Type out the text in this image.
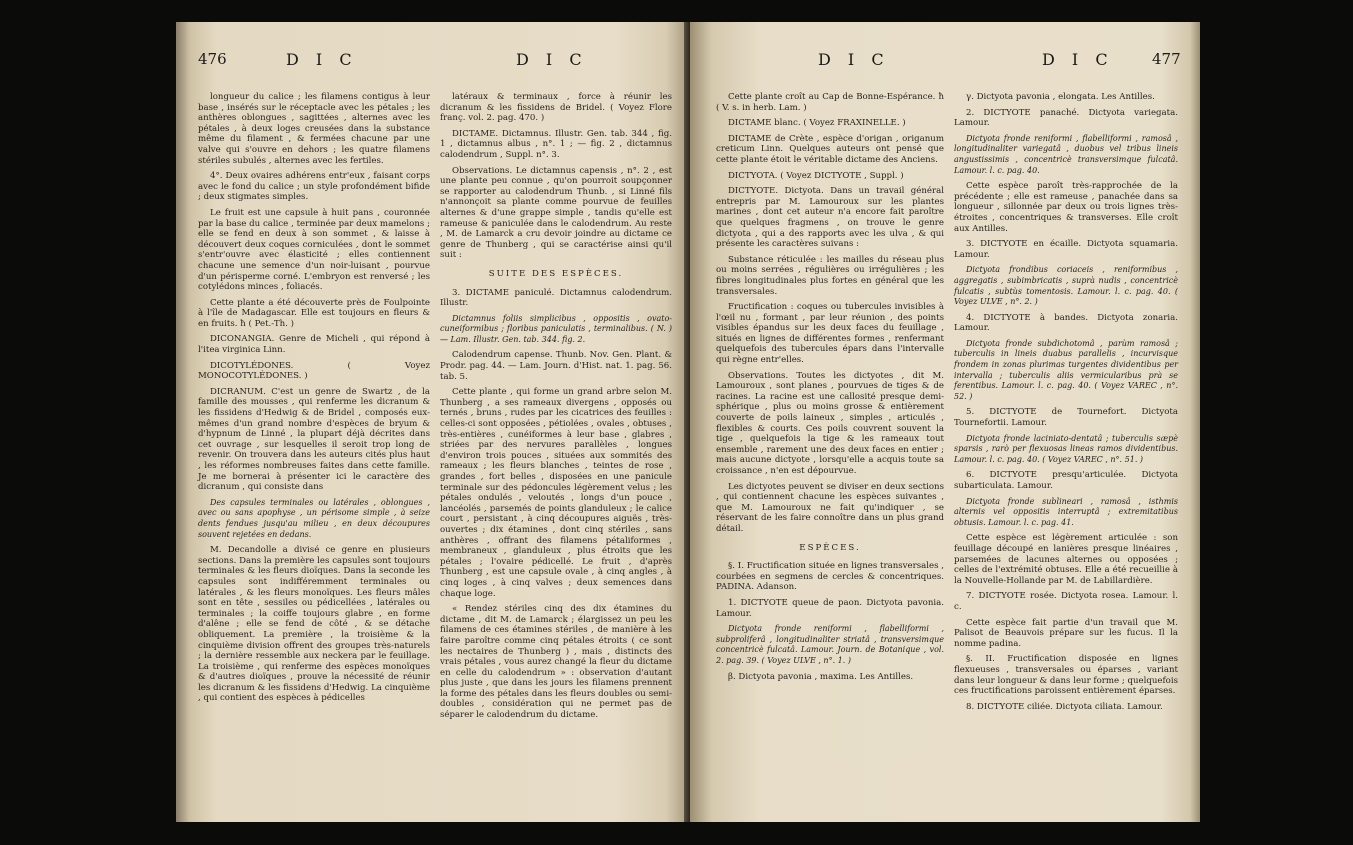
476	D I C	D I C

longueur du calice ; les filamens contigus à leur base , insérés sur le réceptacle avec les pétales ; les anthères oblongues , sagittées , alternes avec les pétales , à deux loges creusées dans la substance même du filament , & fermées chacune par une valve qui s'ouvre en dehors ; les quatre filamens stériles subulés , alternes avec les fertiles.

4°. Deux ovaires adhérens entr'eux , faisant corps avec le fond du calice ; un style profondément bifide ; deux stigmates simples.

Le fruit est une capsule à huit pans , couronnée par la base du calice , terminée par deux mamelons ; elle se fend en deux à son sommet , & laisse à découvert deux coques corniculées , dont le sommet s'entr'ouvre avec élasticité ; elles contiennent chacune une semence d'un noir-luisant , pourvue d'un périsperme corné. L'embryon est renversé ; les cotylédons minces , foliacés.

Cette plante a été découverte près de Foulpointe à l'île de Madagascar. Elle est toujours en fleurs & en fruits. ħ ( Pet.-Th. )

DICONANGIA. Genre de Micheli , qui répond à l'itea virginica Linn.

DICOTYLÉDONES. ( Voyez MONOCOTYLÉDONES. )

DICRANUM. C'est un genre de Swartz , de la famille des mousses , qui renferme les dicranum & les fissidens d'Hedwig & de Bridel , composés eux-mêmes d'un grand nombre d'espèces de bryum & d'hypnum de Linné , la plupart déjà décrites dans cet ouvrage , sur lesquelles il seroit trop long de revenir. On trouvera dans les auteurs cités plus haut , les réformes nombreuses faites dans cette famille. Je me bornerai à présenter ici le caractère des dicranum , qui consiste dans

Des capsules terminales ou latérales , oblongues , avec ou sans apophyse , un périsome simple , à seize dents fendues jusqu'au milieu , en deux découpures souvent rejetées en dedans.

M. Decandolle a divisé ce genre en plusieurs sections. Dans la première les capsules sont toujours terminales & les fleurs dioïques. Dans la seconde les capsules sont indifféremment terminales ou latérales , & les fleurs monoïques. Les fleurs mâles sont en tête , sessiles ou pédicellées , latérales ou terminales ; la coiffe toujours glabre , en forme d'alêne ; elle se fend de côté , & se détache obliquement. La première , la troisième & la cinquième division offrent des groupes très-naturels ; la dernière ressemble aux neckera par le feuillage. La troisième , qui renferme des espèces monoïques & d'autres dioïques , prouve la nécessité de réunir les dicranum & les fissidens d'Hedwig. La cinquième , qui contient des espèces à pédicelles

latéraux & terminaux , force à réunir les dicranum & les fissidens de Bridel. ( Voyez Flore franç. vol. 2. pag. 470. )

DICTAME. Dictamnus. Illustr. Gen. tab. 344 , fig. 1 , dictamnus albus , n°. 1 ; — fig. 2 , dictamnus calodendrum , Suppl. n°. 3.

Observations. Le dictamnus capensis , n°. 2 , est une plante peu connue , qu'on pourroit soupçonner se rapporter au calodendrum Thunb. , si Linné fils n'annonçoit sa plante comme pourvue de feuilles alternes & d'une grappe simple , tandis qu'elle est rameuse & paniculée dans le calodendrum. Au reste , M. de Lamarck a cru devoir joindre au dictame ce genre de Thunberg , qui se caractérise ainsi qu'il suit :

SUITE DES ESPÈCES.

3. DICTAME paniculé. Dictamnus calodendrum. Illustr.

Dictamnus foliis simplicibus , oppositis , ovato-cuneiformibus ; floribus paniculatis , terminalibus. ( N. ) — Lam. Illustr. Gen. tab. 344. fig. 2.

Calodendrum capense. Thunb. Nov. Gen. Plant. & Prodr. pag. 44. — Lam. Journ. d'Hist. nat. 1. pag. 56. tab. 5.

Cette plante , qui forme un grand arbre selon M. Thunberg , a ses rameaux divergens , opposés ou ternés , bruns , rudes par les cicatrices des feuilles : celles-ci sont opposées , pétiolées , ovales , obtuses , très-entières , cunéiformes à leur base , glabres , striées par des nervures parallèles , longues d'environ trois pouces , situées aux sommités des rameaux ; les fleurs blanches , teintes de rose , grandes , fort belles , disposées en une panicule terminale sur des pédoncules légèrement velus ; les pétales ondulés , veloutés , longs d'un pouce , lancéolés , parsemés de points glanduleux ; le calice court , persistant , à cinq découpures aiguës , très-ouvertes ; dix étamines , dont cinq stériles , sans anthères , offrant des filamens pétaliformes , membraneux , glanduleux , plus étroits que les pétales ; l'ovaire pédicellé. Le fruit , d'après Thunberg , est une capsule ovale , à cinq angles , à cinq loges , à cinq valves ; deux semences dans chaque loge.

« Rendez stériles cinq des dix étamines du dictame , dit M. de Lamarck ; élargissez un peu les filamens de ces étamines stériles , de manière à les faire paroître comme cinq pétales étroits ( ce sont les nectaires de Thunberg ) , mais , distincts des vrais pétales , vous aurez changé la fleur du dictame en celle du calodendrum » : observation d'autant plus juste , que dans les jours les filamens prennent la forme des pétales dans les fleurs doubles ou semi-doubles , considération qui ne permet pas de séparer le calodendrum du dictame.

D I C	D I C	477

Cette plante croît au Cap de Bonne-Espérance. ħ ( V. s. in herb. Lam. )

DICTAME blanc. ( Voyez FRAXINELLE. )

DICTAME de Crète , espèce d'origan , origanum creticum Linn. Quelques auteurs ont pensé que cette plante étoit le véritable dictame des Anciens.

DICTYOTA. ( Voyez DICTYOTE , Suppl. )

DICTYOTE. Dictyota. Dans un travail général entrepris par M. Lamouroux sur les plantes marines , dont cet auteur n'a encore fait paroître que quelques fragmens , on trouve le genre dictyota , qui a des rapports avec les ulva , & qui présente les caractères suivans :

Substance réticulée : les mailles du réseau plus ou moins serrées , régulières ou irrégulières ; les fibres longitudinales plus fortes en général que les transversales.

Fructification : coques ou tubercules invisibles à l'œil nu , formant , par leur réunion , des points visibles épandus sur les deux faces du feuillage , situés en lignes de différentes formes , renfermant quelquefois des tubercules épars dans l'intervalle qui règne entr'elles.

Observations. Toutes les dictyotes , dit M. Lamouroux , sont planes , pourvues de tiges & de racines. La racine est une callosité presque demi-sphérique , plus ou moins grosse & entièrement couverte de poils laineux , simples , articulés , flexibles & courts. Ces poils couvrent souvent la tige , quelquefois la tige & les rameaux tout ensemble , rarement une des deux faces en entier ; mais aucune dictyote , lorsqu'elle a acquis toute sa croissance , n'en est dépourvue.

Les dictyotes peuvent se diviser en deux sections , qui contiennent chacune les espèces suivantes , que M. Lamouroux ne fait qu'indiquer , se réservant de les faire connoître dans un plus grand détail.

ESPÈCES.

§. I. Fructification située en lignes transversales , courbées en segmens de cercles & concentriques. PADINA. Adanson.

1. DICTYOTE queue de paon. Dictyota pavonia. Lamour.

Dictyota fronde reniformi , flabelliformi , subproliferâ , longitudinaliter striatâ , transversimque concentricè fulcatâ. Lamour. Journ. de Botanique , vol. 2. pag. 39. ( Voyez ULVE , n°. 1. )

β. Dictyota pavonia , maxima. Les Antilles.

γ. Dictyota pavonia , elongata. Les Antilles.

2. DICTYOTE panaché. Dictyota variegata. Lamour.

Dictyota fronde reniformi , flabelliformi , ramosâ , longitudinaliter variegatâ , duobus vel tribus lineis angustissimis , concentricè transversimque fulcatâ. Lamour. l. c. pag. 40.

Cette espèce paroît très-rapprochée de la précédente ; elle est rameuse , panachée dans sa longueur , sillonnée par deux ou trois lignes très-étroites , concentriques & transverses. Elle croît aux Antilles.

3. DICTYOTE en écaille. Dictyota squamaria. Lamour.

Dictyota frondibus coriaceis , reniformibus , aggregatis , subimbricatis , suprà nudis , concentricè fulcatis , subtùs tomentosis. Lamour. l. c. pag. 40. ( Voyez ULVE , n°. 2. )

4. DICTYOTE à bandes. Dictyota zonaria. Lamour.

Dictyota fronde subdichotomâ , parùm ramosâ ; tuberculis in lineis duabus parallelis , incurvisque frondem in zonas plurimas turgentes dividentibus per intervalla ; tuberculis aliis vermicularibus prà se ferentibus. Lamour. l. c. pag. 40. ( Voyez VAREC , n°. 52. )

5. DICTYOTE de Tournefort. Dictyota Tournefortii. Lamour.

Dictyota fronde laciniato-dentatâ ; tuberculis sæpè sparsis , rarò per flexuosas lineas ramos dividentibus. Lamour. l. c. pag. 40. ( Voyez VAREC , n°. 51. )

6. DICTYOTE presqu'articulée. Dictyota subarticulata. Lamour.

Dictyota fronde sublineari , ramosâ , isthmis alternis vel oppositis interruptâ ; extremitatibus obtusis. Lamour. l. c. pag. 41.

Cette espèce est légèrement articulée : son feuillage découpé en lanières presque linéaires , parsemées de lacunes alternes ou opposées ; celles de l'extrémité obtuses. Elle a été recueillie à la Nouvelle-Hollande par M. de Labillardière.

7. DICTYOTE rosée. Dictyota rosea. Lamour. l. c.

Cette espèce fait partie d'un travail que M. Palisot de Beauvois prépare sur les fucus. Il la nomme padina.

§. II. Fructification disposée en lignes flexueuses , transversales ou éparses , variant dans leur longueur & dans leur forme ; quelquefois ces fructifications paroissent entièrement éparses.

8. DICTYOTE ciliée. Dictyota ciliata. Lamour.
